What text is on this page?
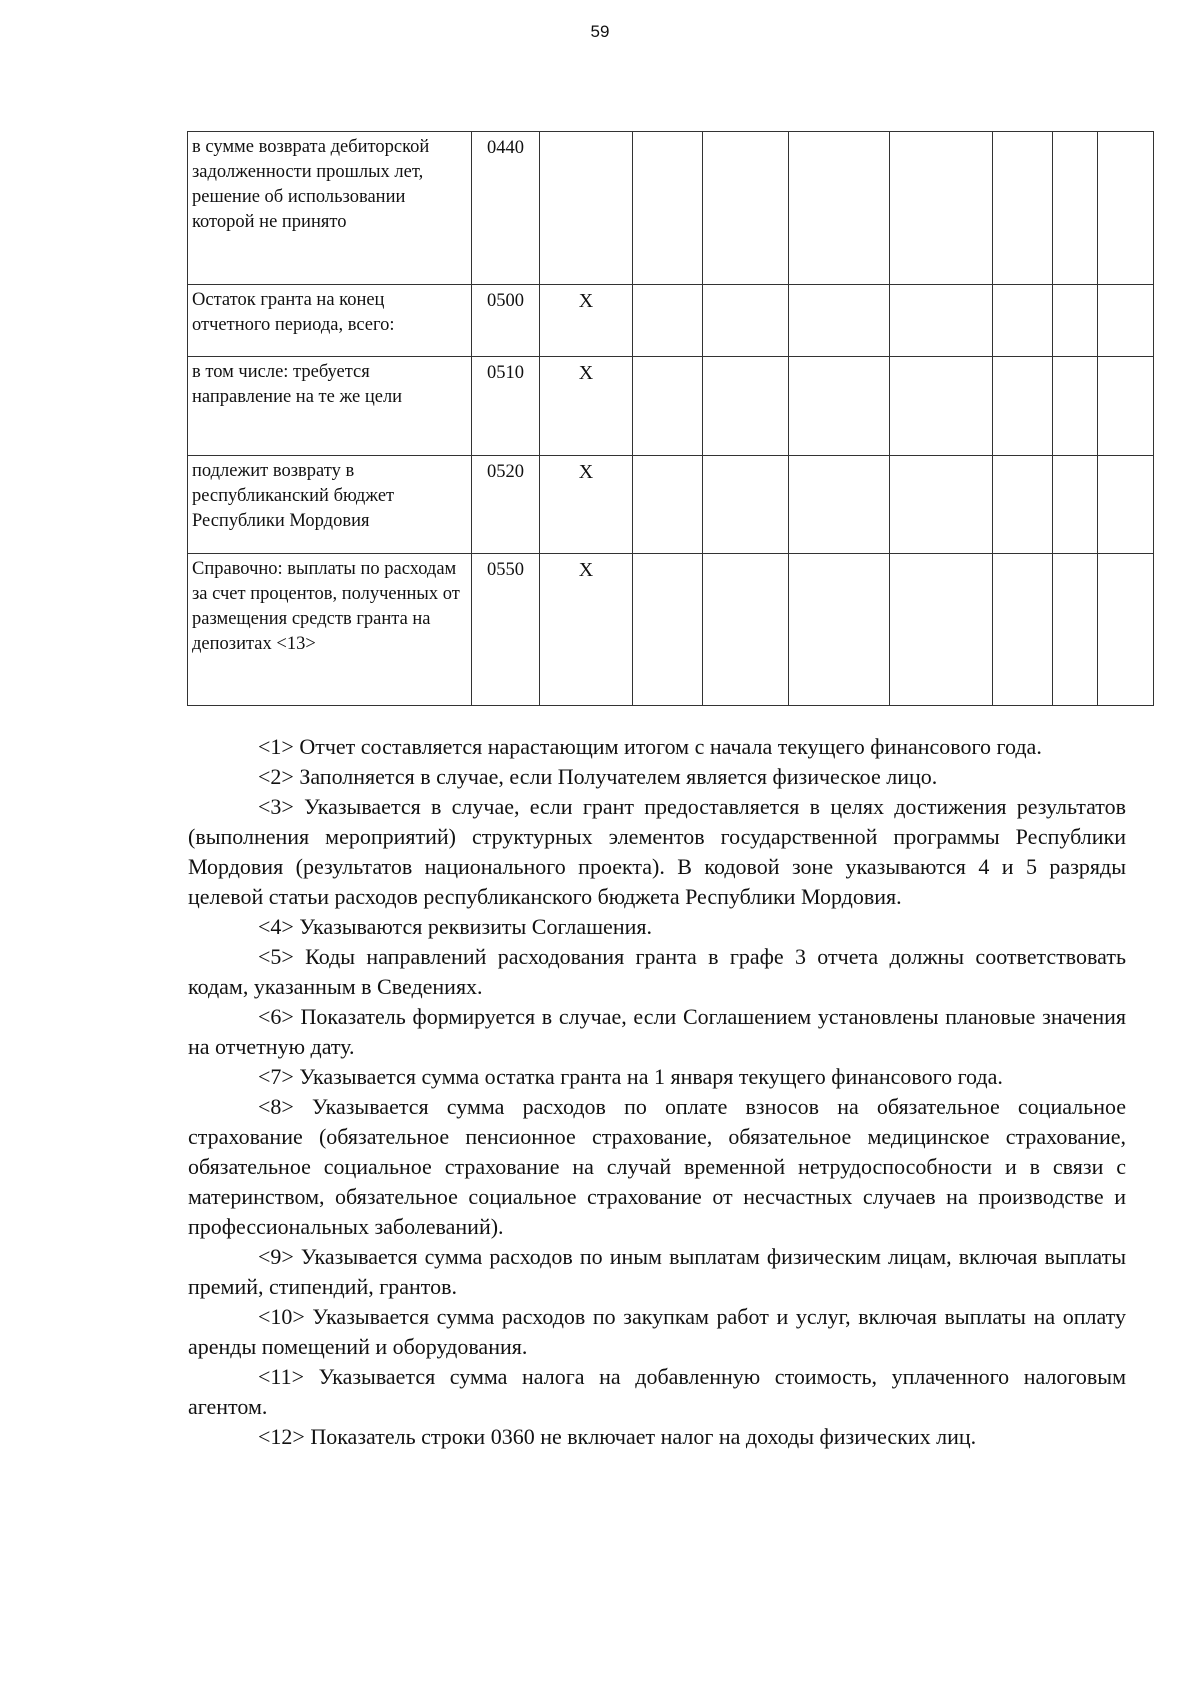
59
в сумме возврата дебиторской задолженности прошлых лет, решение об использовании которой не принято	0440								
Остаток гранта на конец отчетного периода, всего:	0500	X							
в том числе: требуется направление на те же цели	0510	X							
подлежит возврату в республиканский бюджет Республики Мордовия	0520	X							
Справочно: выплаты по расходам за счет процентов, полученных от размещения средств гранта на депозитах <13>	0550	X							

<1> Отчет составляется нарастающим итогом с начала текущего финансового года.

<2> Заполняется в случае, если Получателем является физическое лицо.

<3> Указывается в случае, если грант предоставляется в целях достижения результатов (выполнения мероприятий) структурных элементов государственной программы Республики Мордовия (результатов национального проекта). В кодовой зоне указываются 4 и 5 разряды целевой статьи расходов республиканского бюджета Республики Мордовия.

<4> Указываются реквизиты Соглашения.

<5> Коды направлений расходования гранта в графе 3 отчета должны соответствовать кодам, указанным в Сведениях.

<6> Показатель формируется в случае, если Соглашением установлены плановые значения на отчетную дату.

<7> Указывается сумма остатка гранта на 1 января текущего финансового года.

<8> Указывается сумма расходов по оплате взносов на обязательное социальное страхование (обязательное пенсионное страхование, обязательное медицинское страхование, обязательное социальное страхование на случай временной нетрудоспособности и в связи с материнством, обязательное социальное страхование от несчастных случаев на производстве и профессиональных заболеваний).

<9> Указывается сумма расходов по иным выплатам физическим лицам, включая выплаты премий, стипендий, грантов.

<10> Указывается сумма расходов по закупкам работ и услуг, включая выплаты на оплату аренды помещений и оборудования.

<11> Указывается сумма налога на добавленную стоимость, уплаченного налоговым агентом.

<12> Показатель строки 0360 не включает налог на доходы физических лиц.
